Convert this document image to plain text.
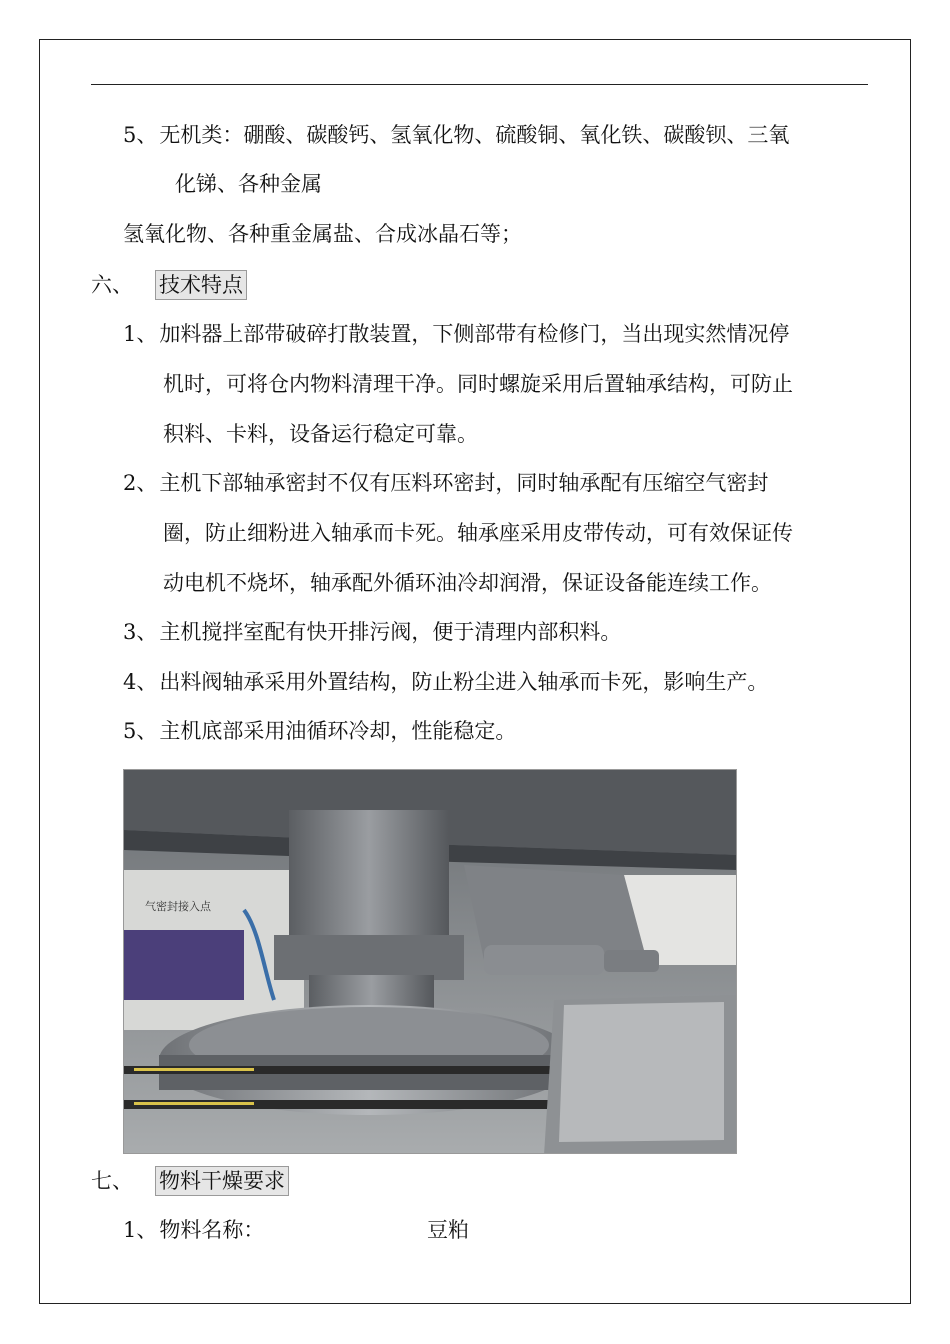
5、无机类：硼酸、碳酸钙、氢氧化物、硫酸铜、氧化铁、碳酸钡、三氧
化锑、各种金属
氢氧化物、各种重金属盐、合成冰晶石等；
六、 技术特点
1、加料器上部带破碎打散装置，下侧部带有检修门，当出现实然情况停
机时，可将仓内物料清理干净。同时螺旋采用后置轴承结构，可防止
积料、卡料，设备运行稳定可靠。
2、主机下部轴承密封不仅有压料环密封，同时轴承配有压缩空气密封
圈，防止细粉进入轴承而卡死。轴承座采用皮带传动，可有效保证传
动电机不烧坏，轴承配外循环油冷却润滑，保证设备能连续工作。
3、主机搅拌室配有快开排污阀，便于清理内部积料。
4、出料阀轴承采用外置结构，防止粉尘进入轴承而卡死，影响生产。
5、主机底部采用油循环冷却，性能稳定。
气密封接入点
七、 物料干燥要求
1、物料名称：	豆粕
